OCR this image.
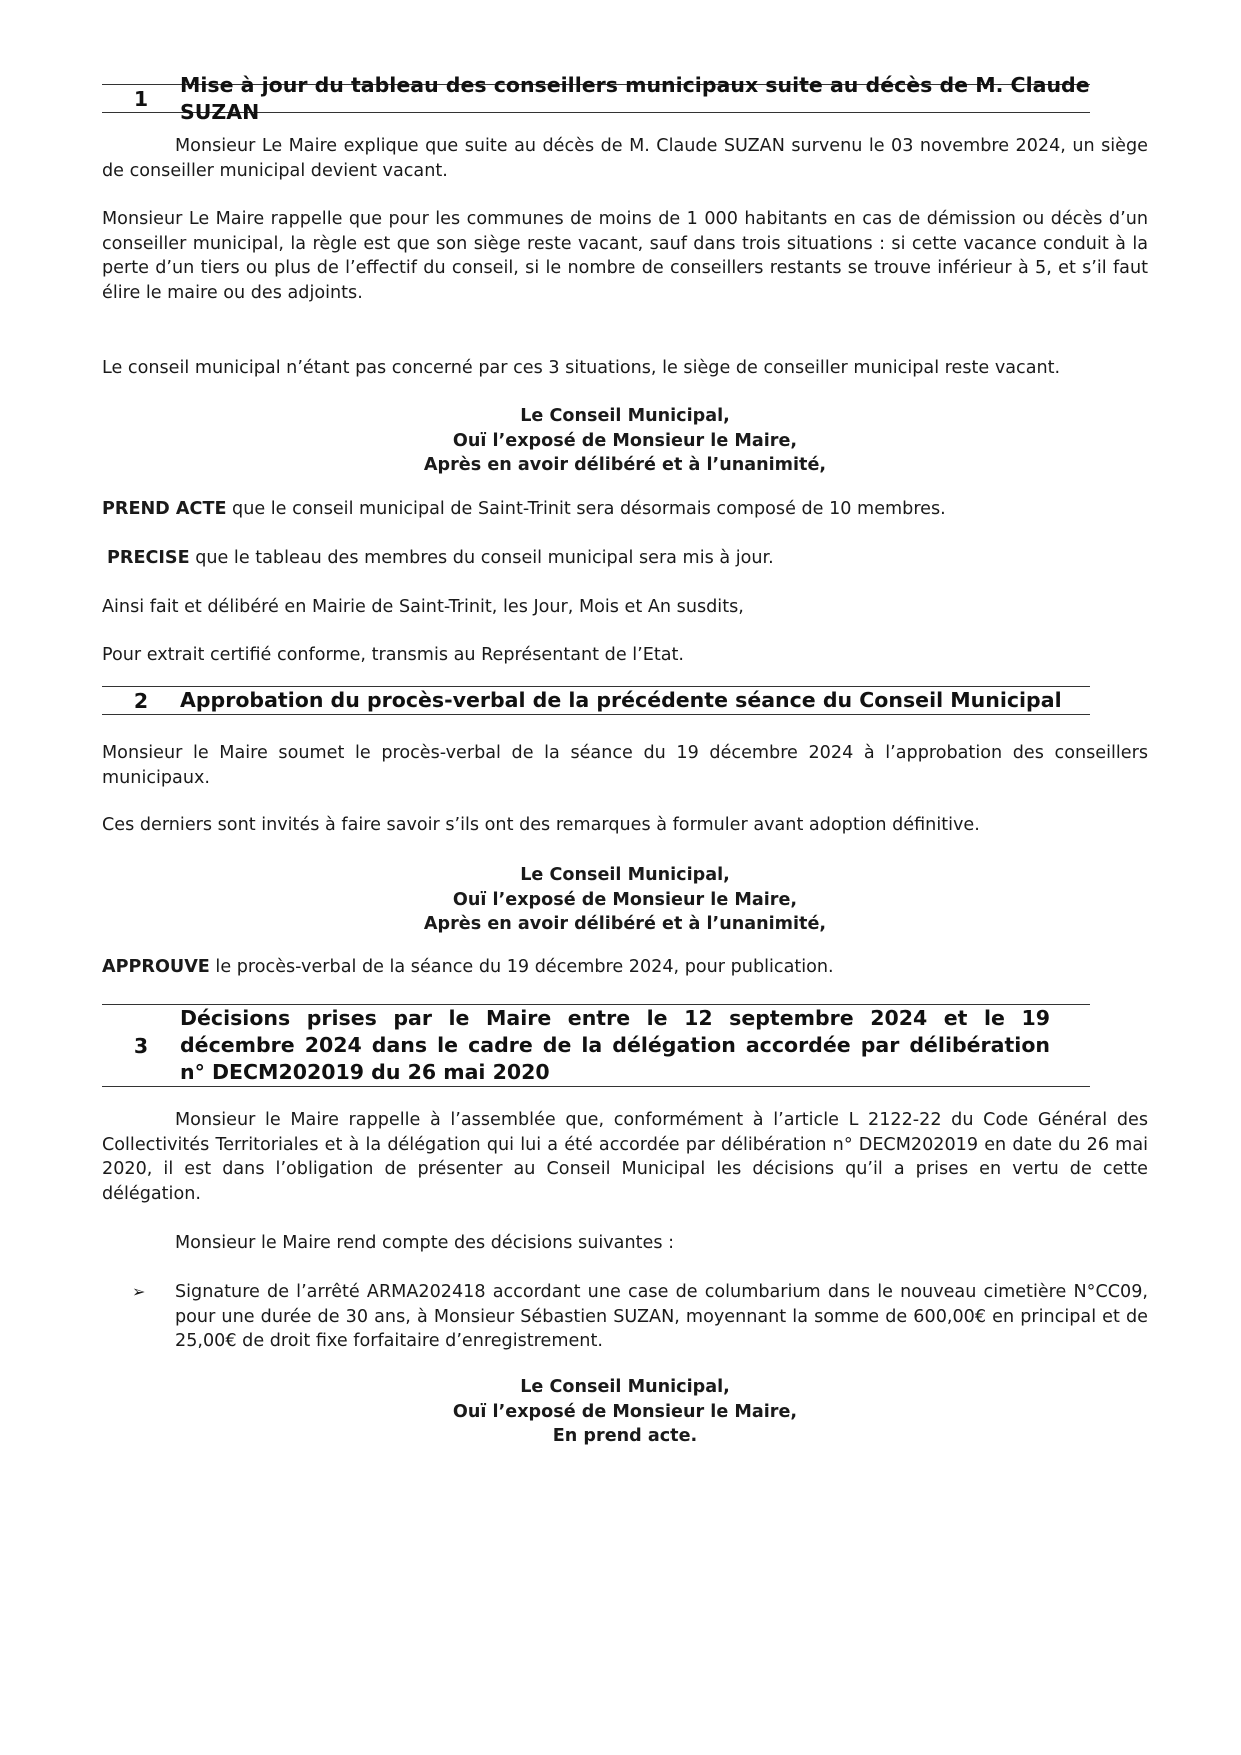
1
Mise à jour du tableau des conseillers municipaux suite au décès de M. Claude SUZAN

Monsieur Le Maire explique que suite au décès de M. Claude SUZAN survenu le 03 novembre 2024, un siège de conseiller municipal devient vacant.

Monsieur Le Maire rappelle que pour les communes de moins de 1 000 habitants en cas de démission ou décès d’un conseiller municipal, la règle est que son siège reste vacant, sauf dans trois situations : si cette vacance conduit à la perte d’un tiers ou plus de l’effectif du conseil, si le nombre de conseillers restants se trouve inférieur à 5, et s’il faut élire le maire ou des adjoints.

Le conseil municipal n’étant pas concerné par ces 3 situations, le siège de conseiller municipal reste vacant.

Le Conseil Municipal,
Ouï l’exposé de Monsieur le Maire,
Après en avoir délibéré et à l’unanimité,

PREND ACTE que le conseil municipal de Saint-Trinit sera désormais composé de 10 membres.

PRECISE que le tableau des membres du conseil municipal sera mis à jour.

Ainsi fait et délibéré en Mairie de Saint-Trinit, les Jour, Mois et An susdits,

Pour extrait certifié conforme, transmis au Représentant de l’Etat.

2	Approbation du procès-verbal de la précédente séance du Conseil Municipal

Monsieur le Maire soumet le procès-verbal de la séance du 19 décembre 2024 à l’approbation des conseillers municipaux.

Ces derniers sont invités à faire savoir s’ils ont des remarques à formuler avant adoption définitive.

Le Conseil Municipal,
Ouï l’exposé de Monsieur le Maire,
Après en avoir délibéré et à l’unanimité,

APPROUVE le procès-verbal de la séance du 19 décembre 2024, pour publication.

3
Décisions prises par le Maire entre le 12 septembre 2024 et le 19 décembre 2024 dans le cadre de la délégation accordée par délibération n° DECM202019 du 26 mai 2020

Monsieur le Maire rappelle à l’assemblée que, conformément à l’article L 2122-22 du Code Général des Collectivités Territoriales et à la délégation qui lui a été accordée par délibération n° DECM202019 en date du 26 mai 2020, il est dans l’obligation de présenter au Conseil Municipal les décisions qu’il a prises en vertu de cette délégation.

Monsieur le Maire rend compte des décisions suivantes :

➢	Signature de l’arrêté ARMA202418 accordant une case de columbarium dans le nouveau cimetière N°CC09, pour une durée de 30 ans, à Monsieur Sébastien SUZAN, moyennant la somme de 600,00€ en principal et de 25,00€ de droit fixe forfaitaire d’enregistrement.
Le Conseil Municipal,
Ouï l’exposé de Monsieur le Maire,
En prend acte.
